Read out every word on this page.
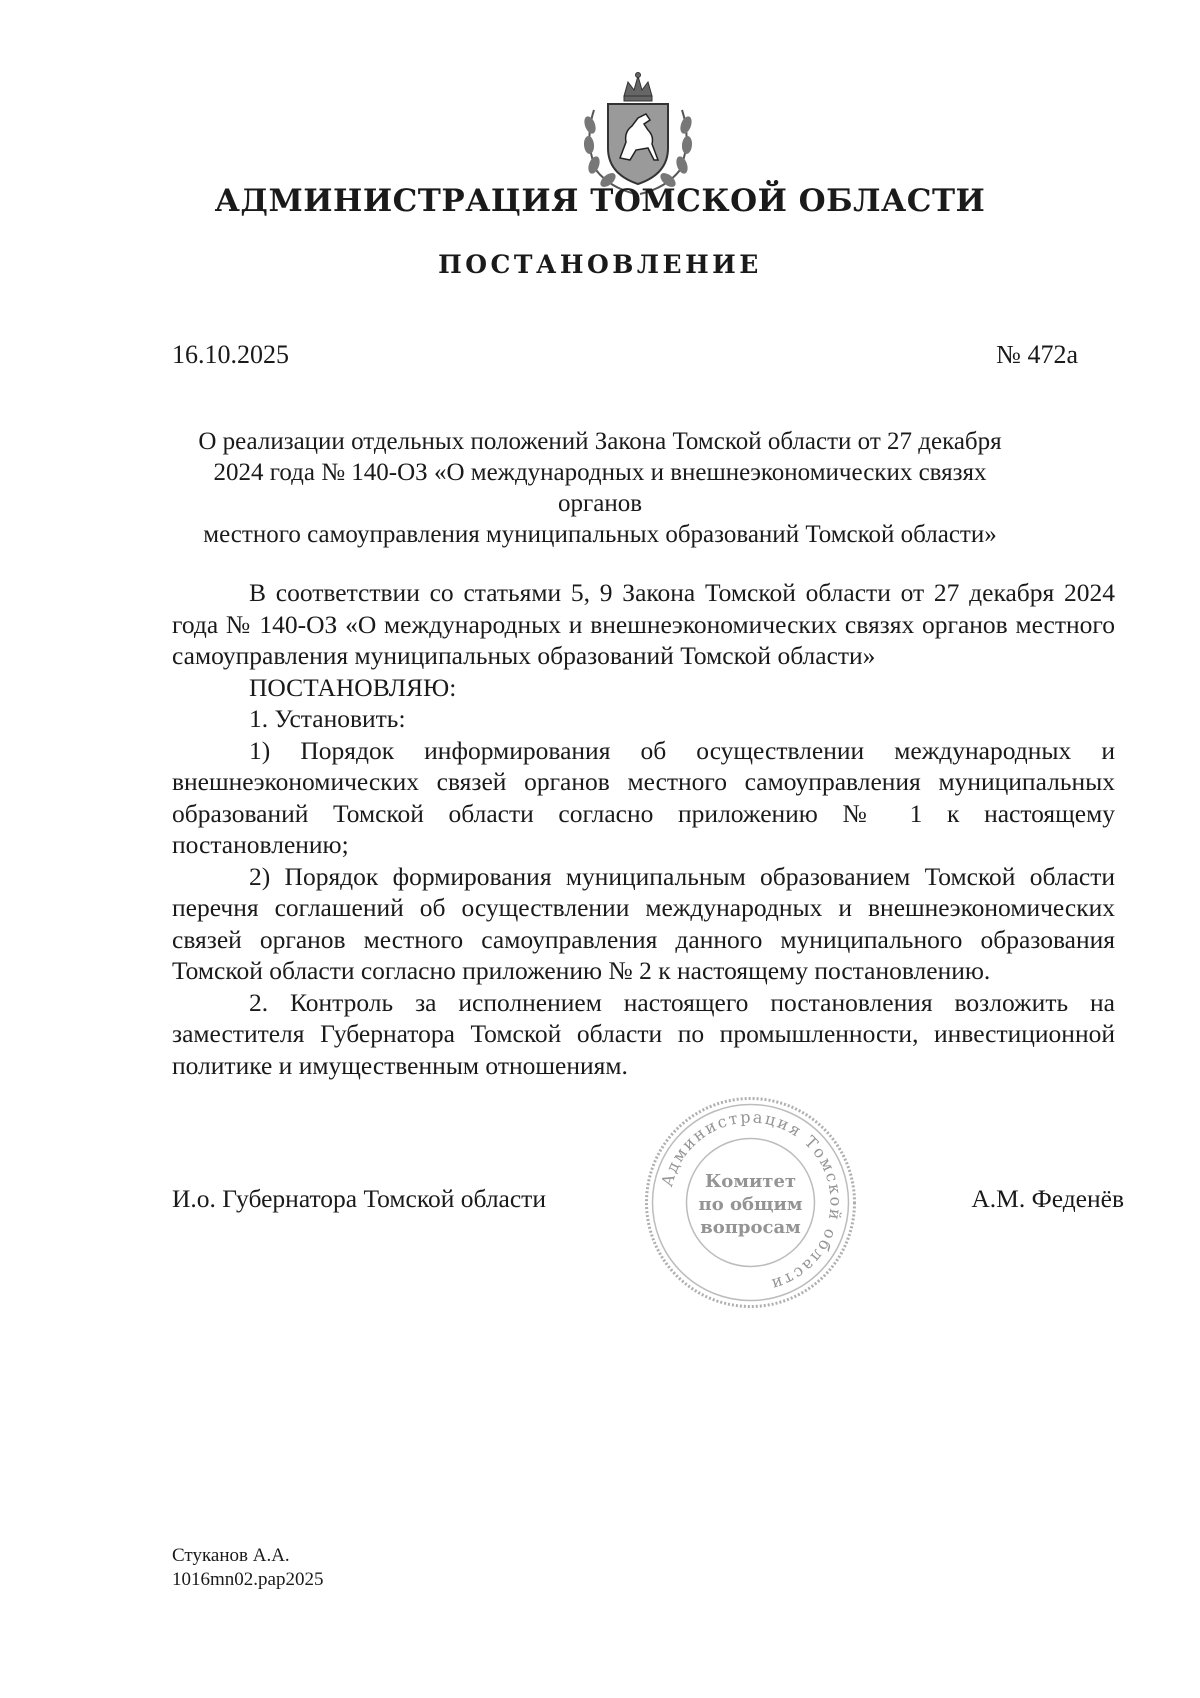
АДМИНИСТРАЦИЯ ТОМСКОЙ ОБЛАСТИ
ПОСТАНОВЛЕНИЕ
16.10.2025	№ 472а
О реализации отдельных положений Закона Томской области от 27 декабря
2024 года № 140-ОЗ «О международных и внешнеэкономических связях органов
местного самоуправления муниципальных образований Томской области»

В соответствии со статьями 5, 9 Закона Томской области от 27 декабря 2024 года № 140-ОЗ «О международных и внешнеэкономических связях органов местного самоуправления муниципальных образований Томской области»

ПОСТАНОВЛЯЮ:

1. Установить:

1) Порядок информирования об осуществлении международных и внешнеэкономических связей органов местного самоуправления муниципальных образований Томской области согласно приложению № 1 к настоящему постановлению;

2) Порядок формирования муниципальным образованием Томской области перечня соглашений об осуществлении международных и внешнеэкономических связей органов местного самоуправления данного муниципального образования Томской области согласно приложению № 2 к настоящему постановлению.

2. Контроль за исполнением настоящего постановления возложить на заместителя Губернатора Томской области по промышленности, инвестиционной политике и имущественным отношениям.

И.о. Губернатора Томской области
Администрация Томской области
Комитет
по общим
вопросам
А.М. Феденёв
Стуканов А.А.
1016mn02.pap2025
